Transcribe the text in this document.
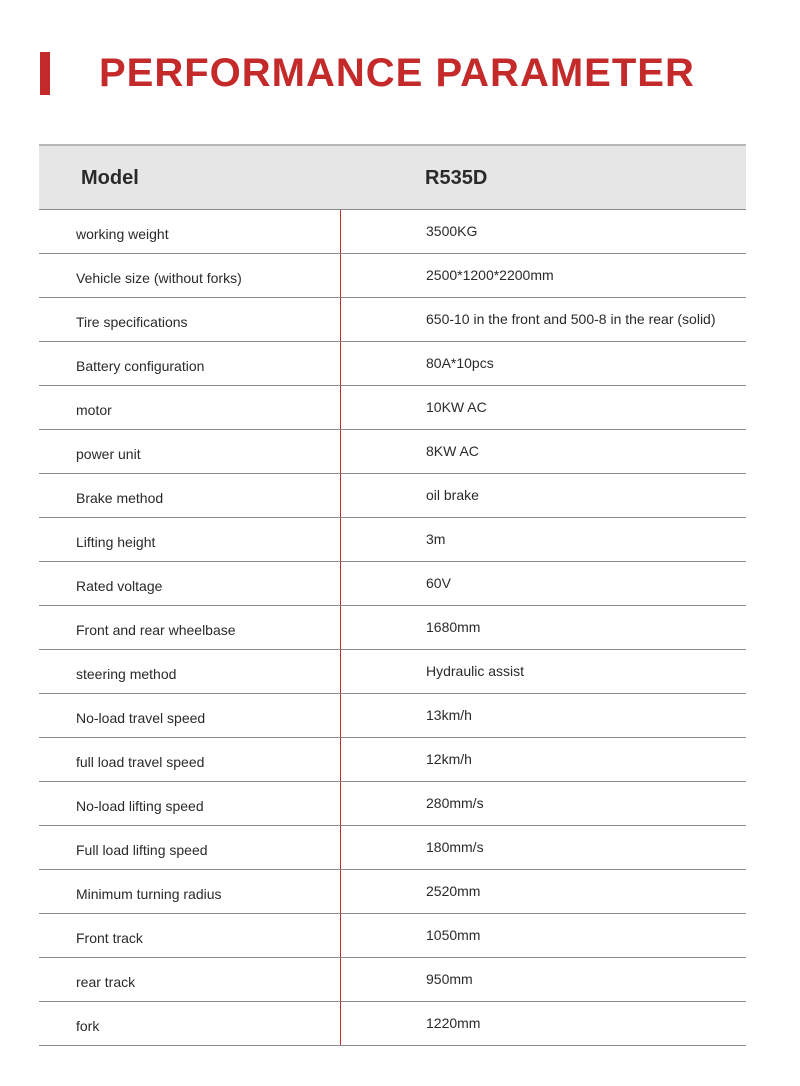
PERFORMANCE PARAMETER
Model	R535D
working weight	3500KG
Vehicle size (without forks)	2500*1200*2200mm
Tire specifications	650-10 in the front and 500-8 in the rear (solid)
Battery configuration	80A*10pcs
motor	10KW AC
power unit	8KW AC
Brake method	oil brake
Lifting height	3m
Rated voltage	60V
Front and rear wheelbase	1680mm
steering method	Hydraulic assist
No-load travel speed	13km/h
full load travel speed	12km/h
No-load lifting speed	280mm/s
Full load lifting speed	180mm/s
Minimum turning radius	2520mm
Front track	1050mm
rear track	950mm
fork	1220mm
